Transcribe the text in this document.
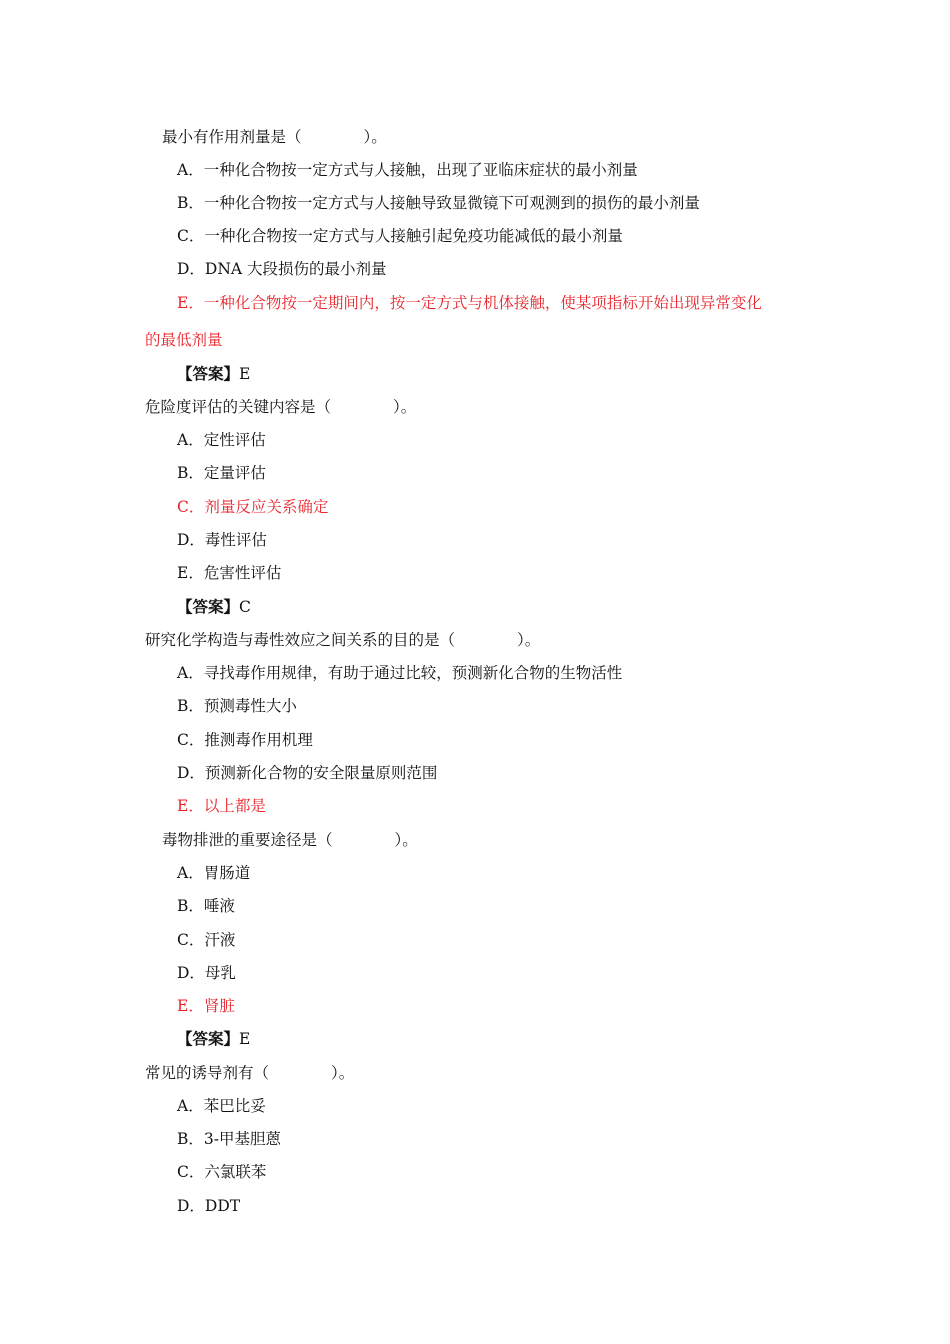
最小有作用剂量是（　　　　）。
A．一种化合物按一定方式与人接触，出现了亚临床症状的最小剂量
B．一种化合物按一定方式与人接触导致显微镜下可观测到的损伤的最小剂量
C．一种化合物按一定方式与人接触引起免疫功能减低的最小剂量
D．DNA 大段损伤的最小剂量
E．一种化合物按一定期间内，按一定方式与机体接触，使某项指标开始出现异常变化
的最低剂量
【答案】E
危险度评估的关键内容是（　　　　）。
A．定性评估
B．定量评估
C．剂量反应关系确定
D．毒性评估
E．危害性评估
【答案】C
研究化学构造与毒性效应之间关系的目的是（　　　　）。
A．寻找毒作用规律，有助于通过比较，预测新化合物的生物活性
B．预测毒性大小
C．推测毒作用机理
D．预测新化合物的安全限量原则范围
E．以上都是
毒物排泄的重要途径是（　　　　）。
A．胃肠道
B．唾液
C．汗液
D．母乳
E．肾脏
【答案】E
常见的诱导剂有（　　　　）。
A．苯巴比妥
B．3-甲基胆蒽
C．六氯联苯
D．DDT
